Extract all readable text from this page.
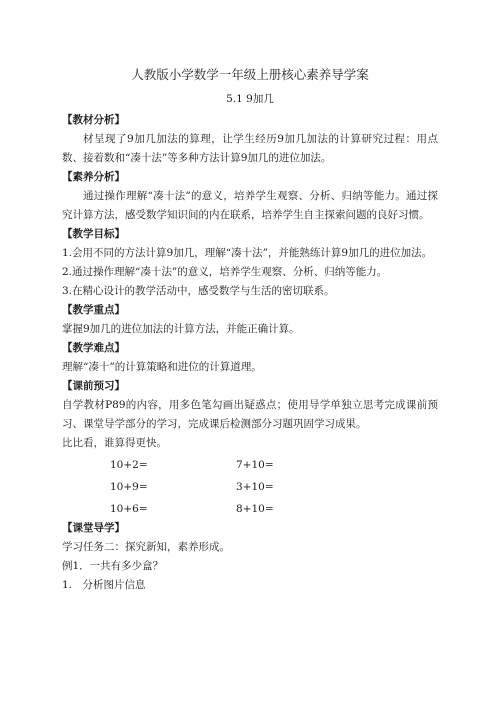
人教版小学数学一年级上册核心素养导学案
5.1 9加几
【教材分析】

材呈现了9加几加法的算理，让学生经历9加几加法的计算研究过程：用点数、接着数和“凑十法”等多种方法计算9加几的进位加法。

【素养分析】

通过操作理解“凑十法”的意义，培养学生观察、分析、归纳等能力。通过探究计算方法，感受数学知识间的内在联系，培养学生自主探索问题的良好习惯。

【教学目标】

1.会用不同的方法计算9加几，理解“凑十法”，并能熟练计算9加几的进位加法。

2.通过操作理解“凑十法”的意义，培养学生观察、分析、归纳等能力。

3.在精心设计的教学活动中，感受数学与生活的密切联系。

【教学重点】

掌握9加几的进位加法的计算方法，并能正确计算。

【教学难点】

理解“凑十”的计算策略和进位的计算道理。

【课前预习】

自学教材P89的内容，用多色笔勾画出疑惑点；使用导学单独立思考完成课前预习、课堂导学部分的学习，完成课后检测部分习题巩固学习成果。

比比看，谁算得更快。

10+2=	7+10=
10+9=	3+10=
10+6=	8+10=
【课堂导学】

学习任务二：探究新知，素养形成。

例1．一共有多少盒？

1.　分析图片信息
